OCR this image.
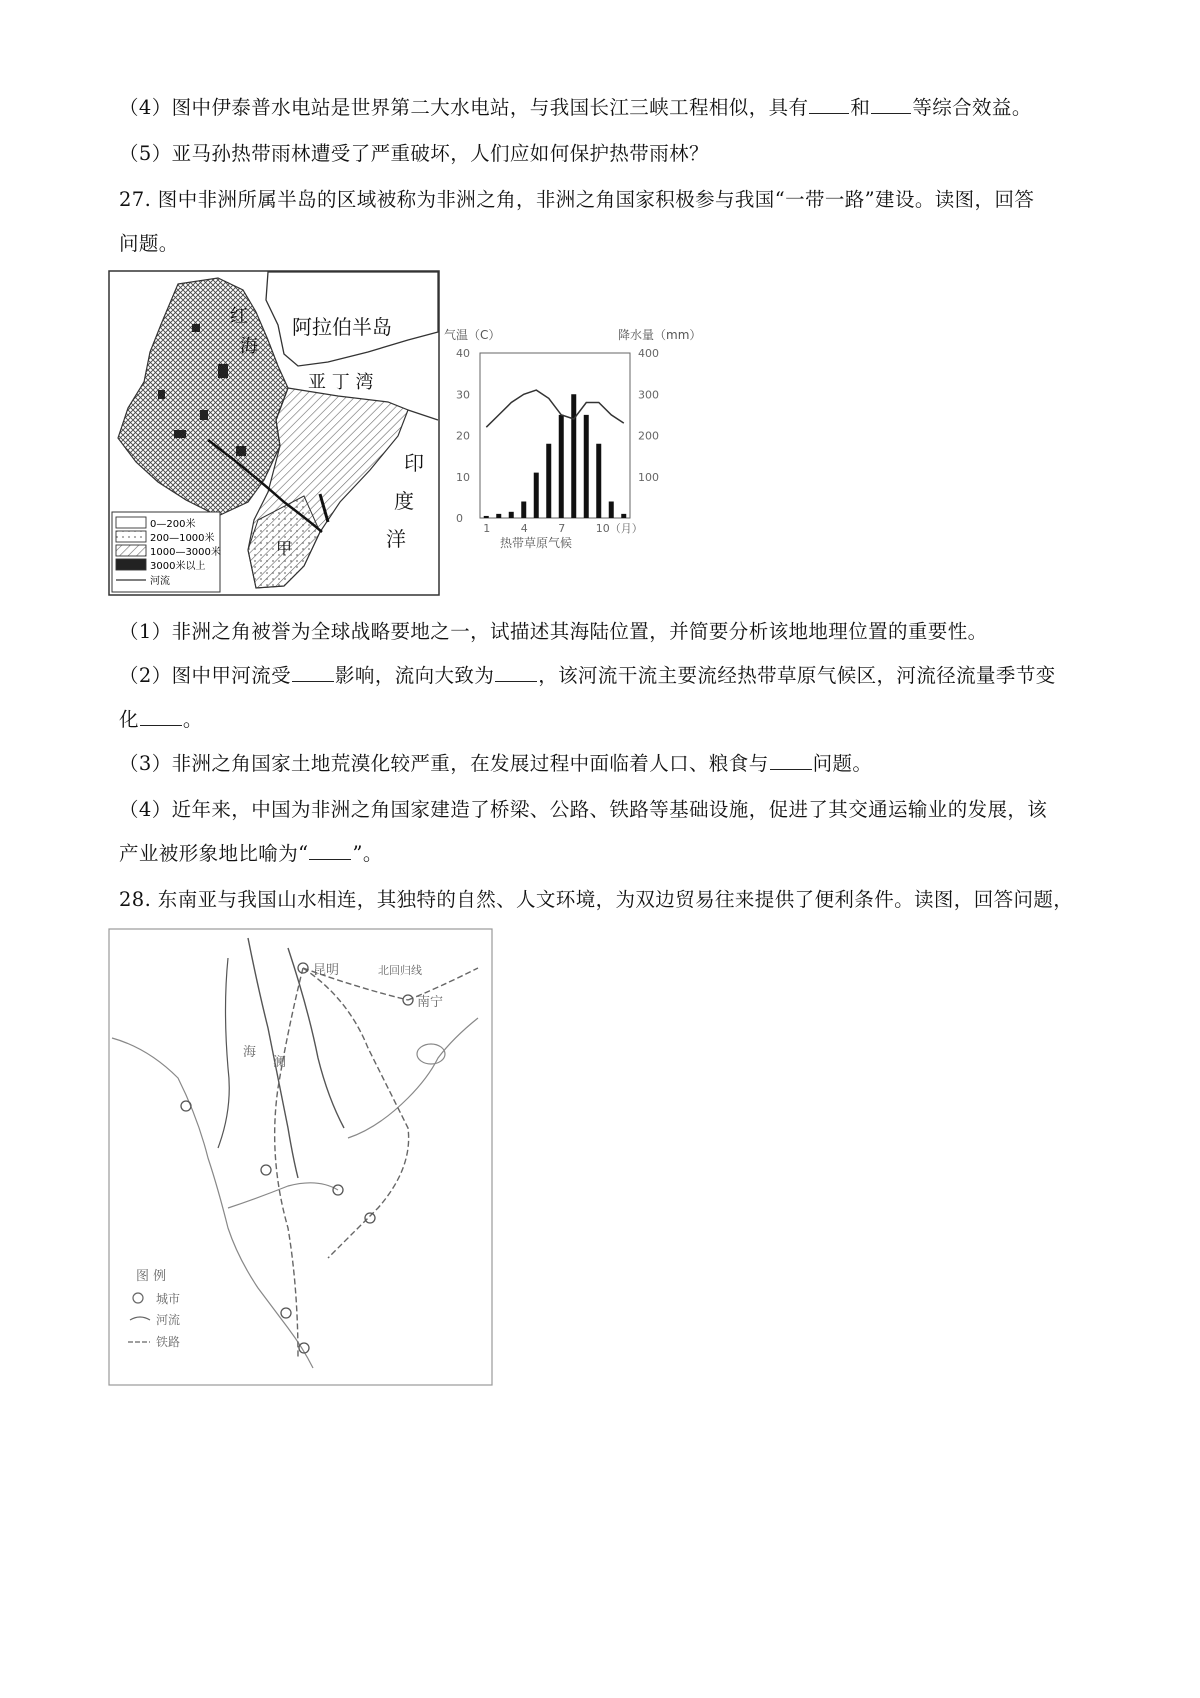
（4）图中伊泰普水电站是世界第二大水电站，与我国长江三峡工程相似，具有 和 等综合效益。
（5）亚马孙热带雨林遭受了严重破坏，人们应如何保护热带雨林？
27. 图中非洲所属半岛的区域被称为非洲之角，非洲之角国家积极参与我国“一带一路”建设。读图，回答
问题。
红
海
阿拉伯半岛
亚 丁 湾
印
度
洋
甲
0—200米
200—1000米
1000—3000米
3000米以上
河流
气温（C）	降水量（mm）
40
30
20
10
0
400
300
200
100
1	4	7	10（月）
热带草原气候
（1）非洲之角被誉为全球战略要地之一，试描述其海陆位置，并简要分析该地地理位置的重要性。
（2）图中甲河流受 影响，流向大致为 ，该河流干流主要流经热带草原气候区，河流径流量季节变
化 。
（3）非洲之角国家土地荒漠化较严重，在发展过程中面临着人口、粮食与 问题。
（4）近年来，中国为非洲之角国家建造了桥梁、公路、铁路等基础设施，促进了其交通运输业的发展，该
产业被形象地比喻为“ ”。
28. 东南亚与我国山水相连，其独特的自然、人文环境，为双边贸易往来提供了便利条件。读图，回答问题，
昆明	北回归线
南宁
海
澜
图 例
城市
河流
铁路
